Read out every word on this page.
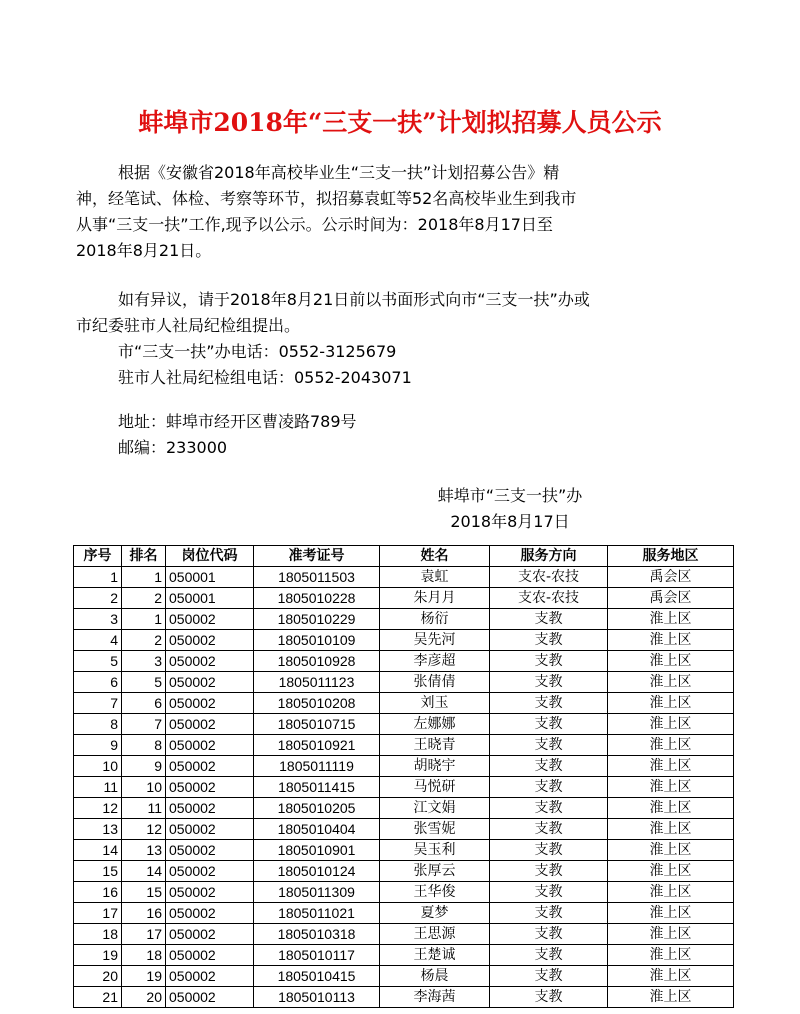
蚌埠市2018年“三支一扶”计划拟招募人员公示
根据《安徽省2018年高校毕业生“三支一扶”计划招募公告》精
神，经笔试、体检、考察等环节，拟招募袁虹等52名高校毕业生到我市
从事“三支一扶”工作,现予以公示。公示时间为：2018年8月17日至
2018年8月21日。
如有异议，请于2018年8月21日前以书面形式向市“三支一扶”办或
市纪委驻市人社局纪检组提出。
市“三支一扶”办电话：0552-3125679
驻市人社局纪检组电话：0552-2043071
地址：蚌埠市经开区曹凌路789号
邮编：233000
蚌埠市“三支一扶”办
2018年8月17日
序号	排名	岗位代码	准考证号	姓名	服务方向	服务地区
1	1	050001	1805011503	袁虹	支农-农技	禹会区
2	2	050001	1805010228	朱月月	支农-农技	禹会区
3	1	050002	1805010229	杨衍	支教	淮上区
4	2	050002	1805010109	吴先河	支教	淮上区
5	3	050002	1805010928	李彦超	支教	淮上区
6	5	050002	1805011123	张倩倩	支教	淮上区
7	6	050002	1805010208	刘玉	支教	淮上区
8	7	050002	1805010715	左娜娜	支教	淮上区
9	8	050002	1805010921	王晓青	支教	淮上区
10	9	050002	1805011119	胡晓宇	支教	淮上区
11	10	050002	1805011415	马悦研	支教	淮上区
12	11	050002	1805010205	江文娟	支教	淮上区
13	12	050002	1805010404	张雪妮	支教	淮上区
14	13	050002	1805010901	吴玉利	支教	淮上区
15	14	050002	1805010124	张厚云	支教	淮上区
16	15	050002	1805011309	王华俊	支教	淮上区
17	16	050002	1805011021	夏梦	支教	淮上区
18	17	050002	1805010318	王思源	支教	淮上区
19	18	050002	1805010117	王楚诚	支教	淮上区
20	19	050002	1805010415	杨晨	支教	淮上区
21	20	050002	1805010113	李海茜	支教	淮上区
